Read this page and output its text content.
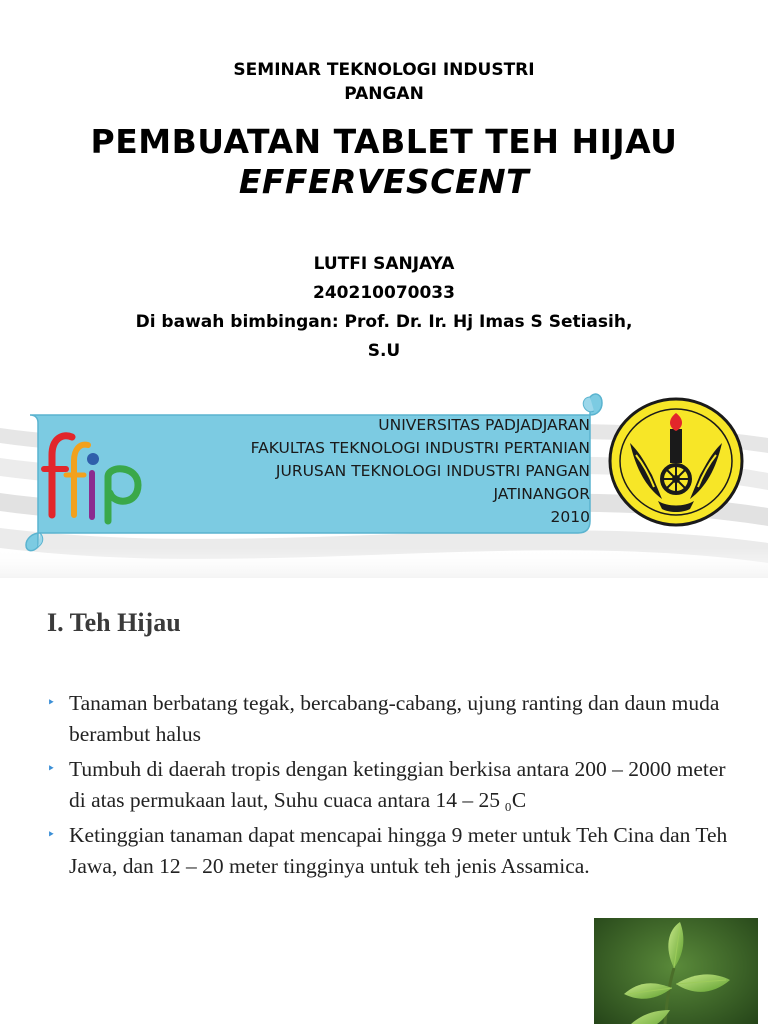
SEMINAR TEKNOLOGI INDUSTRI
PANGAN
PEMBUATAN TABLET TEH HIJAU
EFFERVESCENT
LUTFI SANJAYA
240210070033
Di bawah bimbingan: Prof. Dr. Ir. Hj Imas S Setiasih,
S.U
UNIVERSITAS PADJADJARAN
FAKULTAS TEKNOLOGI INDUSTRI PERTANIAN
JURUSAN TEKNOLOGI INDUSTRI PANGAN
JATINANGOR
2010
I. Teh Hijau
‣ Tanaman berbatang tegak, bercabang-cabang, ujung ranting dan daun muda berambut halus
‣ Tumbuh di daerah tropis dengan ketinggian berkisa antara 200 – 2000 meter di atas permukaan laut, Suhu cuaca antara 14 – 25 ₀C
‣ Ketinggian tanaman dapat mencapai hingga 9 meter untuk Teh Cina dan Teh Jawa, dan 12 – 20 meter tingginya untuk teh jenis Assamica.
